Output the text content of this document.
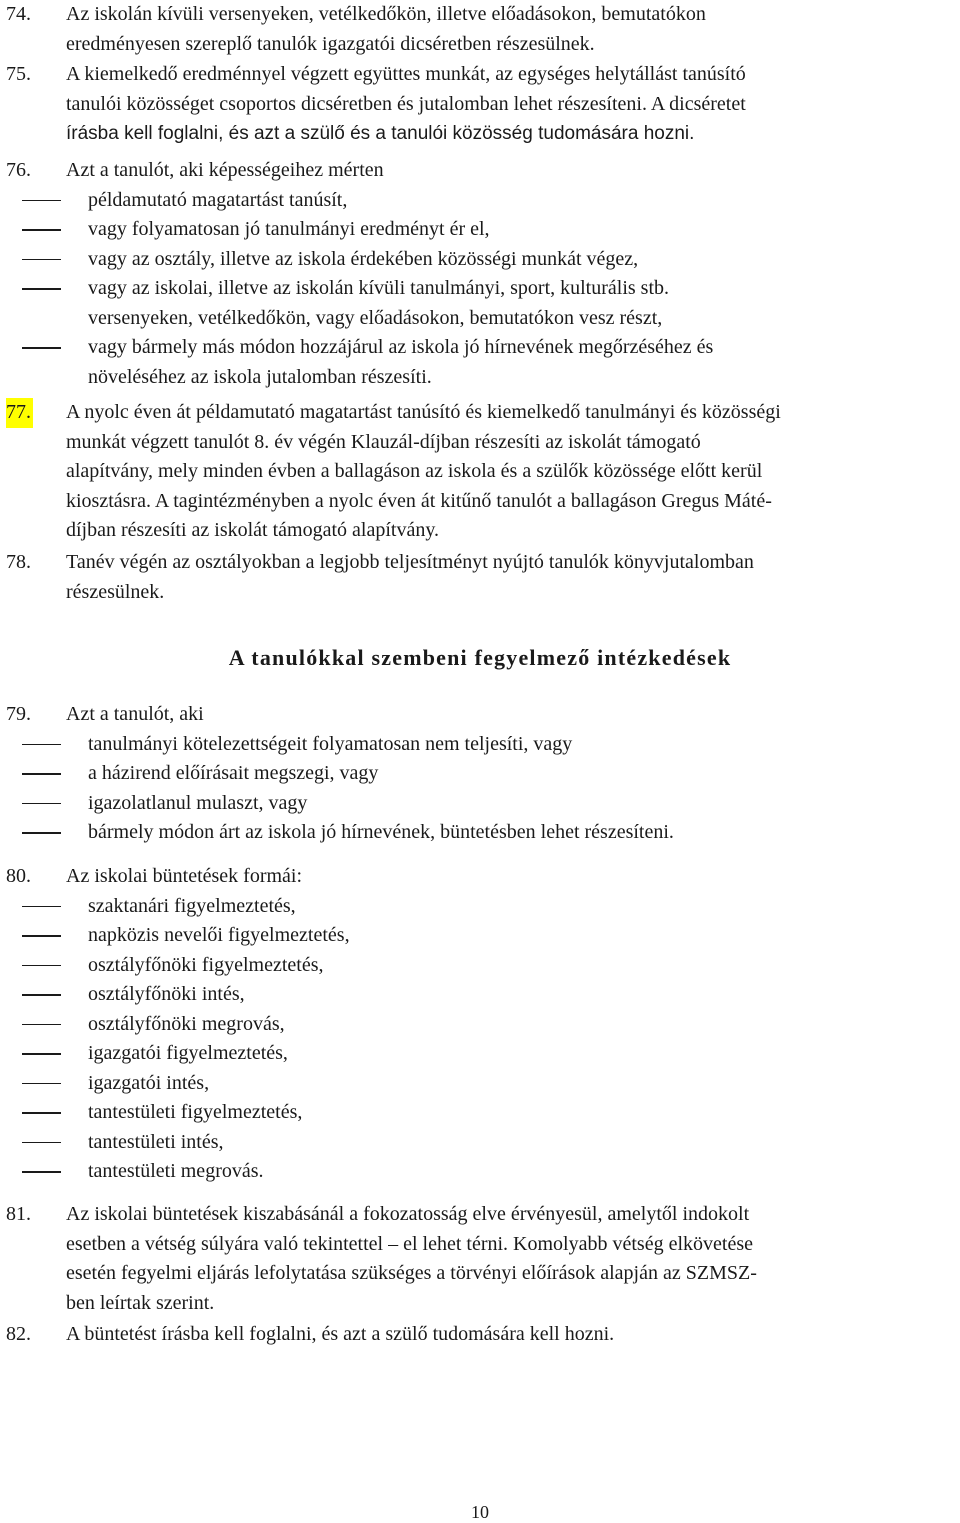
74. Az iskolán kívüli versenyeken, vetélkedőkön, illetve előadásokon, bemutatókon
eredményesen szereplő tanulók igazgatói dicséretben részesülnek.
75. A kiemelkedő eredménnyel végzett együttes munkát, az egységes helytállást tanúsító
tanulói közösséget csoportos dicséretben és jutalomban lehet részesíteni. A dicséretet
írásba kell foglalni, és azt a szülő és a tanulói közösség tudomására hozni.
76. Azt a tanulót, aki képességeihez mérten
példamutató magatartást tanúsít,
vagy folyamatosan jó tanulmányi eredményt ér el,
vagy az osztály, illetve az iskola érdekében közösségi munkát végez,
vagy az iskolai, illetve az iskolán kívüli tanulmányi, sport, kulturális stb.
versenyeken, vetélkedőkön, vagy előadásokon, bemutatókon vesz részt,
vagy bármely más módon hozzájárul az iskola jó hírnevének megőrzéséhez és
növeléséhez az iskola jutalomban részesíti.
77. A nyolc éven át példamutató magatartást tanúsító és kiemelkedő tanulmányi és közösségi
munkát végzett tanulót 8. év végén Klauzál-díjban részesíti az iskolát támogató
alapítvány, mely minden évben a ballagáson az iskola és a szülők közössége előtt kerül
kiosztásra. A tagintézményben a nyolc éven át kitűnő tanulót a ballagáson Gregus Máté-
díjban részesíti az iskolát támogató alapítvány.
78. Tanév végén az osztályokban a legjobb teljesítményt nyújtó tanulók könyvjutalomban
részesülnek.
A tanulókkal szembeni fegyelmező intézkedések
79. Azt a tanulót, aki
tanulmányi kötelezettségeit folyamatosan nem teljesíti, vagy
a házirend előírásait megszegi, vagy
igazolatlanul mulaszt, vagy
bármely módon árt az iskola jó hírnevének, büntetésben lehet részesíteni.
80. Az iskolai büntetések formái:
szaktanári figyelmeztetés,
napközis nevelői figyelmeztetés,
osztályfőnöki figyelmeztetés,
osztályfőnöki intés,
osztályfőnöki megrovás,
igazgatói figyelmeztetés,
igazgatói intés,
tantestületi figyelmeztetés,
tantestületi intés,
tantestületi megrovás.
81. Az iskolai büntetések kiszabásánál a fokozatosság elve érvényesül, amelytől indokolt
esetben a vétség súlyára való tekintettel – el lehet térni. Komolyabb vétség elkövetése
esetén fegyelmi eljárás lefolytatása szükséges a törvényi előírások alapján az SZMSZ-
ben leírtak szerint.
82. A büntetést írásba kell foglalni, és azt a szülő tudomására kell hozni.
10
